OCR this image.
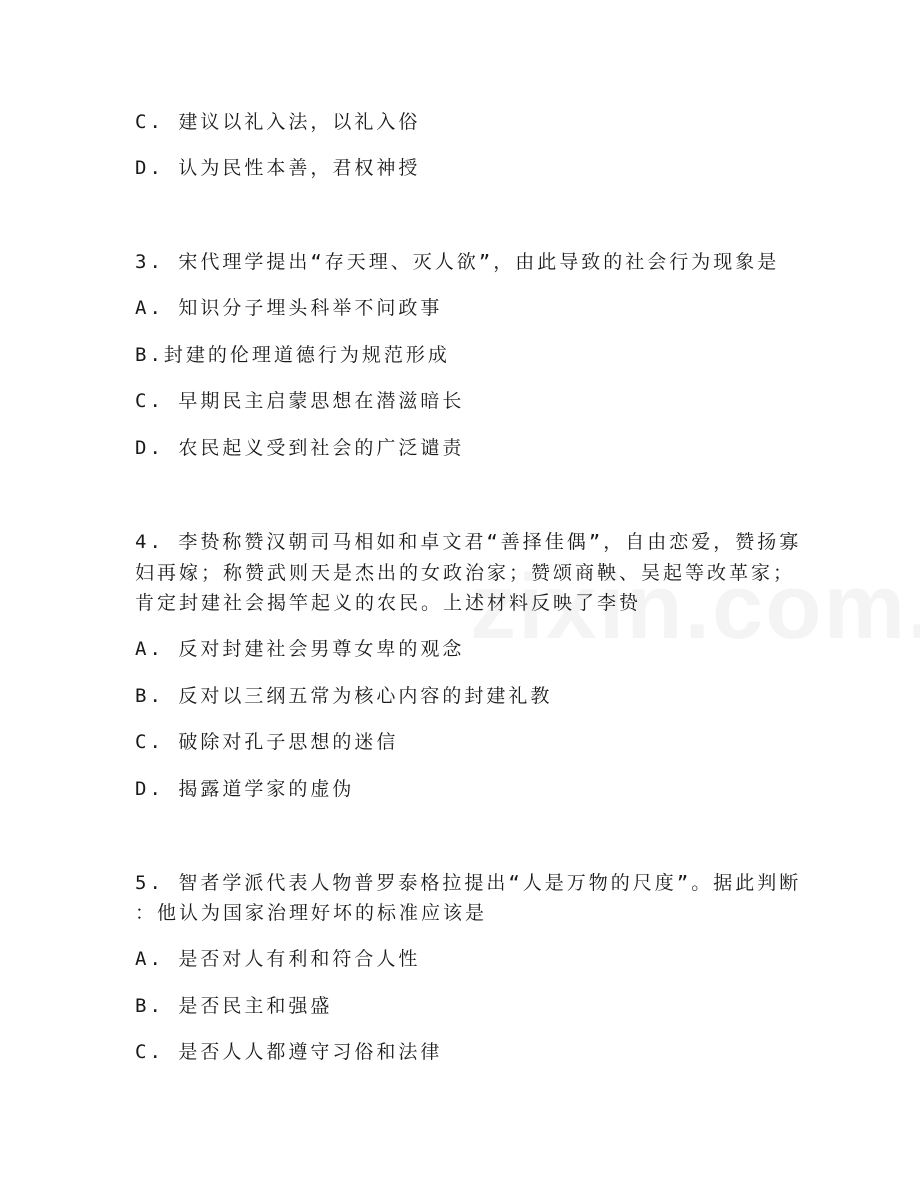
C. 建议以礼入法，以礼入俗
D. 认为民性本善，君权神授
3. 宋代理学提出“存天理、灭人欲”，由此导致的社会行为现象是
A. 知识分子埋头科举不问政事
B.封建的伦理道德行为规范形成
C. 早期民主启蒙思想在潜滋暗长
D. 农民起义受到社会的广泛谴责
4. 李贽称赞汉朝司马相如和卓文君“善择佳偶”，自由恋爱，赞扬寡
妇再嫁；称赞武则天是杰出的女政治家；赞颂商鞅、吴起等改革家；
肯定封建社会揭竿起义的农民。上述材料反映了李贽
A. 反对封建社会男尊女卑的观念
B. 反对以三纲五常为核心内容的封建礼教
C. 破除对孔子思想的迷信
D. 揭露道学家的虚伪
5. 智者学派代表人物普罗泰格拉提出“人是万物的尺度”。据此判断
：他认为国家治理好坏的标准应该是
A. 是否对人有利和符合人性
B. 是否民主和强盛
C. 是否人人都遵守习俗和法律
